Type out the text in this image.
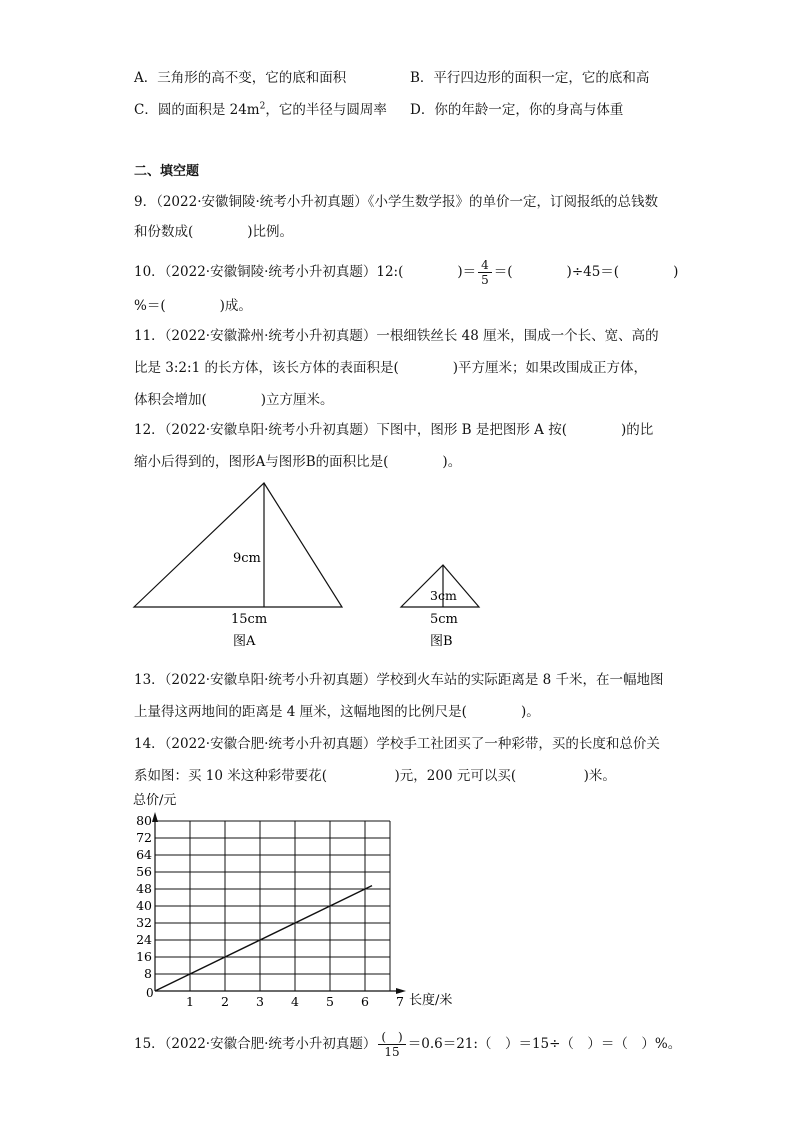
A．三角形的高不变，它的底和面积	B．平行四边形的面积一定，它的底和高
C．圆的面积是 $24m^2$，它的半径与圆周率 D．你的年龄一定，你的身高与体重
二、填空题
9．（2022·安徽铜陵·统考小升初真题）《小学生数学报》的单价一定，订阅报纸的总钱数
和份数成(　　　　)比例。
10．（2022·安徽铜陵·统考小升初真题）12:(　　　　)＝ $\frac{4}{5}$ ＝(　　　　)÷45＝(　　　　)
%＝(　　　　)成。
11．（2022·安徽滁州·统考小升初真题）一根细铁丝长 48 厘米，围成一个长、宽、高的
比是 3:2:1 的长方体，该长方体的表面积是(　　　　)平方厘米；如果改围成正方体，
体积会增加(　　　　)立方厘米。
12．（2022·安徽阜阳·统考小升初真题）下图中，图形 B 是把图形 A 按(　　　　)的比
缩小后得到的，图形A与图形B的面积比是(　　　　)。
9cm
15cm
图A
3cm
5cm
图B
13．（2022·安徽阜阳·统考小升初真题）学校到火车站的实际距离是 8 千米，在一幅地图
上量得这两地间的距离是 4 厘米，这幅地图的比例尺是(　　　　)。
14．（2022·安徽合肥·统考小升初真题）学校手工社团买了一种彩带，买的长度和总价关
系如图：买 10 米这种彩带要花(　　　　　)元，200 元可以买(　　　　　)米。
8
16
24
32
40
48
56
64
72
80
1 2 3 4 5 6 7
总价/元
长度/米
0
15．（2022·安徽合肥·统考小升初真题） $\frac{( )}{15}$ ＝0.6＝21:（　）＝15÷（　）＝（　）%。
